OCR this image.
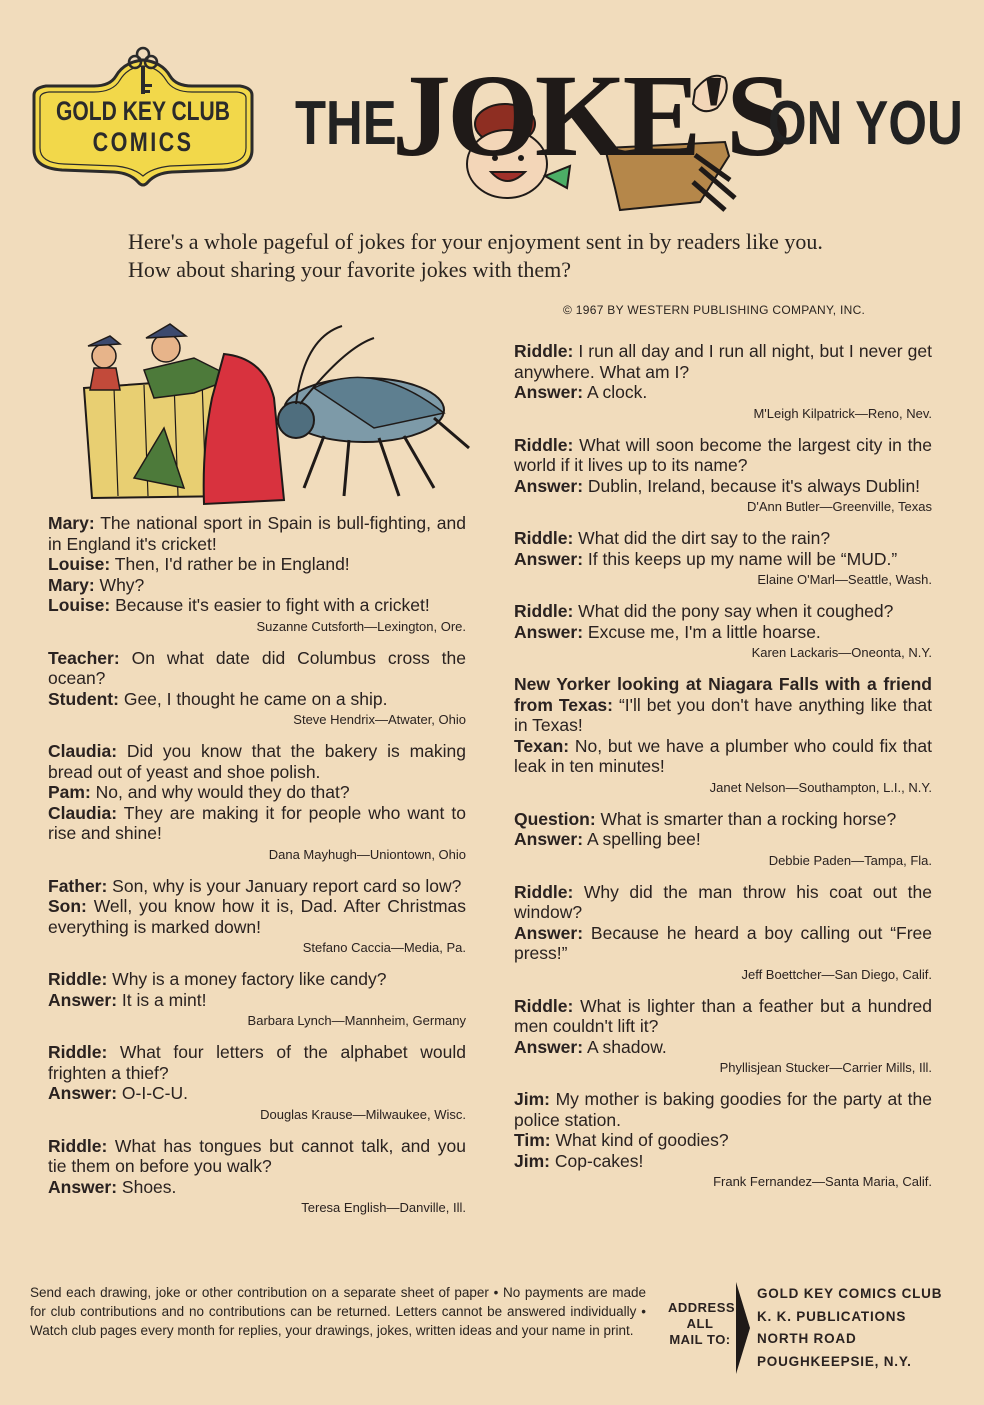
GOLD KEY CLUB
COMICS	THE
JOKE'S
ON YOU
Here's a whole pageful of jokes for your enjoyment sent in by readers like you. How about sharing your favorite jokes with them?
© 1967 BY WESTERN PUBLISHING COMPANY, INC.
Mary: The national sport in Spain is bull-fighting, and in England it's cricket!
Louise: Then, I'd rather be in England!
Mary: Why?
Louise: Because it's easier to fight with a cricket!
Suzanne Cutsforth—Lexington, Ore.
Teacher: On what date did Columbus cross the ocean?
Student: Gee, I thought he came on a ship.
Steve Hendrix—Atwater, Ohio
Claudia: Did you know that the bakery is making bread out of yeast and shoe polish.
Pam: No, and why would they do that?
Claudia: They are making it for people who want to rise and shine!
Dana Mayhugh—Uniontown, Ohio
Father: Son, why is your January report card so low?
Son: Well, you know how it is, Dad. After Christmas everything is marked down!
Stefano Caccia—Media, Pa.
Riddle: Why is a money factory like candy?
Answer: It is a mint!
Barbara Lynch—Mannheim, Germany
Riddle: What four letters of the alphabet would frighten a thief?
Answer: O-I-C-U.
Douglas Krause—Milwaukee, Wisc.
Riddle: What has tongues but cannot talk, and you tie them on before you walk?
Answer: Shoes.
Teresa English—Danville, Ill.
Riddle: I run all day and I run all night, but I never get anywhere. What am I?
Answer: A clock.
M'Leigh Kilpatrick—Reno, Nev.
Riddle: What will soon become the largest city in the world if it lives up to its name?
Answer: Dublin, Ireland, because it's always Dublin!
D'Ann Butler—Greenville, Texas
Riddle: What did the dirt say to the rain?
Answer: If this keeps up my name will be “MUD.”
Elaine O'Marl—Seattle, Wash.
Riddle: What did the pony say when it coughed?
Answer: Excuse me, I'm a little hoarse.
Karen Lackaris—Oneonta, N.Y.
New Yorker looking at Niagara Falls with a friend from Texas: “I'll bet you don't have anything like that in Texas!
Texan: No, but we have a plumber who could fix that leak in ten minutes!
Janet Nelson—Southampton, L.I., N.Y.
Question: What is smarter than a rocking horse?
Answer: A spelling bee!
Debbie Paden—Tampa, Fla.
Riddle: Why did the man throw his coat out the window?
Answer: Because he heard a boy calling out “Free press!”
Jeff Boettcher—San Diego, Calif.
Riddle: What is lighter than a feather but a hundred men couldn't lift it?
Answer: A shadow.
Phyllisjean Stucker—Carrier Mills, Ill.
Jim: My mother is baking goodies for the party at the police station.
Tim: What kind of goodies?
Jim: Cop-cakes!
Frank Fernandez—Santa Maria, Calif.
Send each drawing, joke or other contribution on a separate sheet of paper • No payments are made for club contributions and no contributions can be returned. Letters cannot be answered individually • Watch club pages every month for replies, your drawings, jokes, written ideas and your name in print.
ADDRESS
ALL
MAIL TO:
GOLD KEY COMICS CLUB
K. K. PUBLICATIONS
NORTH ROAD
POUGHKEEPSIE, N.Y.
